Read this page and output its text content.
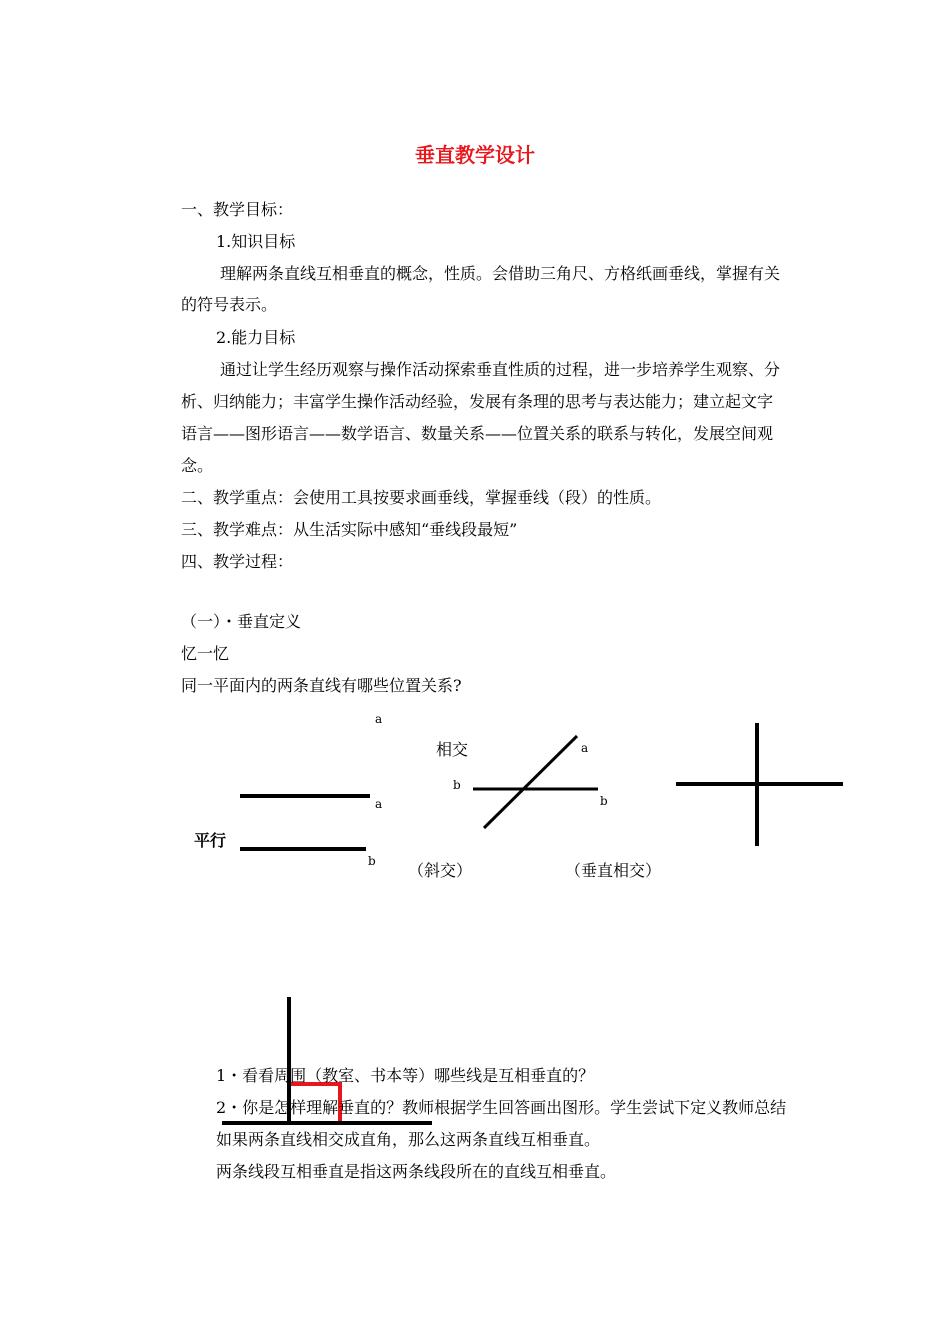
垂直教学设计
一、教学目标：
1.知识目标
理解两条直线互相垂直的概念，性质。会借助三角尺、方格纸画垂线，掌握有关
的符号表示。
2.能力目标
通过让学生经历观察与操作活动探索垂直性质的过程，进一步培养学生观察、分
析、归纳能力；丰富学生操作活动经验，发展有条理的思考与表达能力；建立起文字
语言——图形语言——数学语言、数量关系——位置关系的联系与转化，发展空间观
念。
二、教学重点：会使用工具按要求画垂线，掌握垂线（段）的性质。
三、教学难点：从生活实际中感知“垂线段最短”
四、教学过程：
（一）・垂直定义
忆一忆
同一平面内的两条直线有哪些位置关系?
a
a
b
平行
相交	a
b
b
（斜交）	（垂直相交）
1・看看周围（教室、书本等）哪些线是互相垂直的？
2・你是怎样理解垂直的？教师根据学生回答画出图形。学生尝试下定义教师总结
如果两条直线相交成直角，那么这两条直线互相垂直。
两条线段互相垂直是指这两条线段所在的直线互相垂直。
